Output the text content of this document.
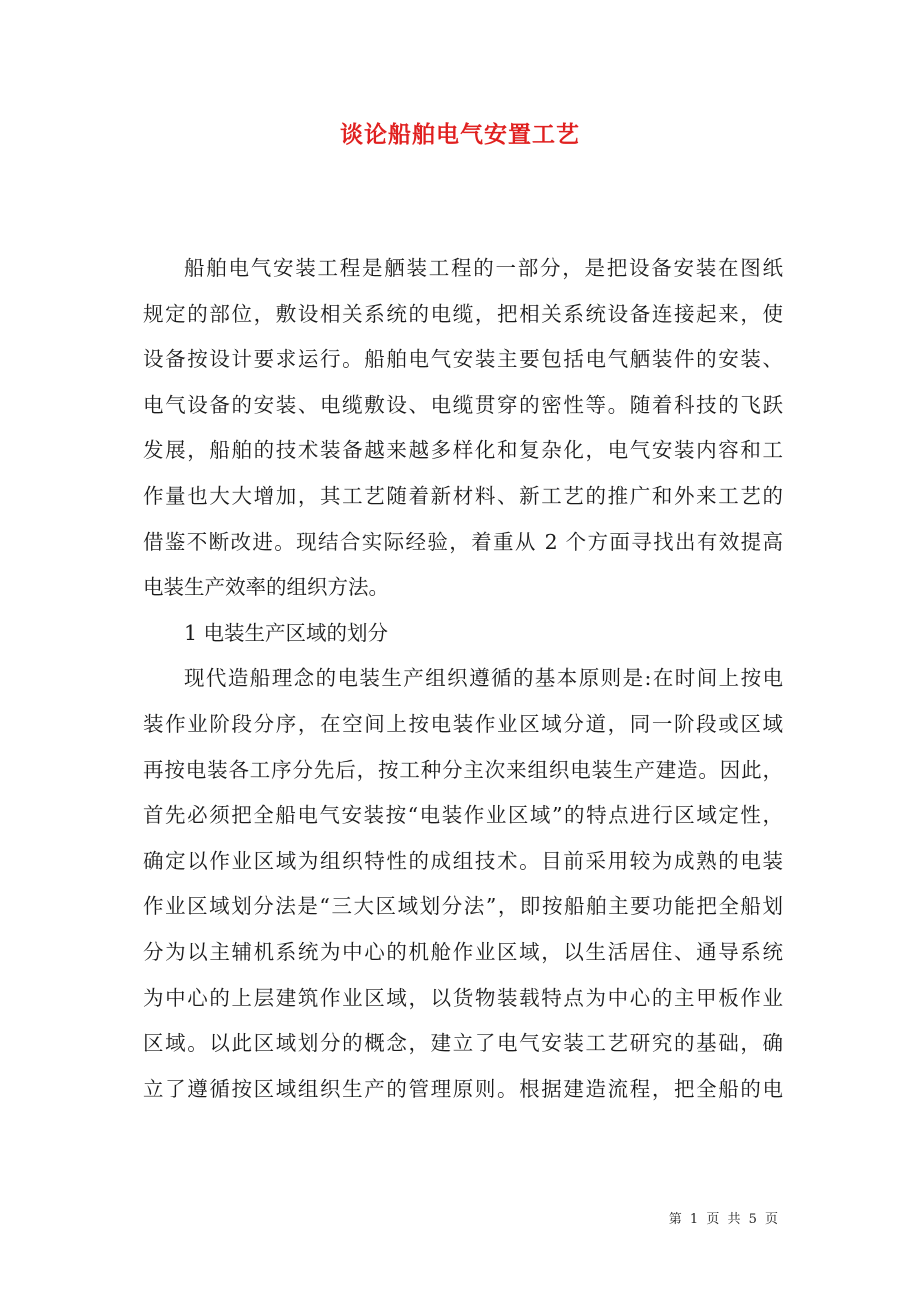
谈论船舶电气安置工艺

船舶电气安装工程是舾装工程的一部分，是把设备安装在图纸

规定的部位，敷设相关系统的电缆，把相关系统设备连接起来，使

设备按设计要求运行。船舶电气安装主要包括电气舾装件的安装、

电气设备的安装、电缆敷设、电缆贯穿的密性等。随着科技的飞跃

发展，船舶的技术装备越来越多样化和复杂化，电气安装内容和工

作量也大大增加，其工艺随着新材料、新工艺的推广和外来工艺的

借鉴不断改进。现结合实际经验，着重从 2 个方面寻找出有效提高

电装生产效率的组织方法。

1 电装生产区域的划分

现代造船理念的电装生产组织遵循的基本原则是:在时间上按电

装作业阶段分序，在空间上按电装作业区域分道，同一阶段或区域

再按电装各工序分先后，按工种分主次来组织电装生产建造。因此，

首先必须把全船电气安装按“电装作业区域”的特点进行区域定性，

确定以作业区域为组织特性的成组技术。目前采用较为成熟的电装

作业区域划分法是“三大区域划分法”，即按船舶主要功能把全船划

分为以主辅机系统为中心的机舱作业区域，以生活居住、通导系统

为中心的上层建筑作业区域，以货物装载特点为中心的主甲板作业

区域。以此区域划分的概念，建立了电气安装工艺研究的基础，确

立了遵循按区域组织生产的管理原则。根据建造流程，把全船的电

第 1 页 共 5 页
